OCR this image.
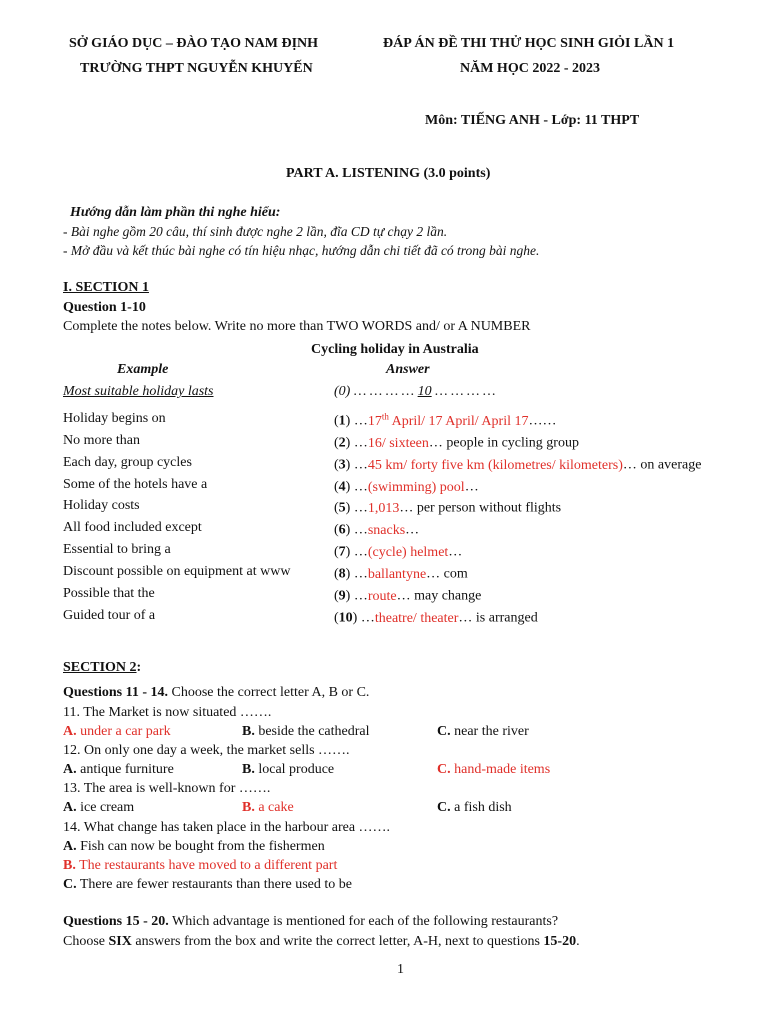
SỞ GIÁO DỤC – ĐÀO TẠO NAM ĐỊNH
TRƯỜNG THPT NGUYỄN KHUYẾN
ĐÁP ÁN ĐỀ THI THỬ HỌC SINH GIỎI LẦN 1
NĂM HỌC 2022 - 2023
Môn: TIẾNG ANH - Lớp: 11 THPT
PART A. LISTENING (3.0 points)
Hướng dẫn làm phần thi nghe hiểu:
- Bài nghe gồm 20 câu, thí sinh được nghe 2 lần, đĩa CD tự chạy 2 lần.
- Mở đầu và kết thúc bài nghe có tín hiệu nhạc, hướng dẫn chi tiết đã có trong bài nghe.
I. SECTION 1
Question 1-10
Complete the notes below. Write no more than TWO WORDS and/ or A NUMBER
Cycling holiday in Australia
Example	Answer
Most suitable holiday lasts	(0) … … … … 10 … … … …
Holiday begins on	(1) …17th April/ 17 April/ April 17……
No more than	(2) …16/ sixteen… people in cycling group
Each day, group cycles	(3) …45 km/ forty five km (kilometres/ kilometers)… on average
Some of the hotels have a	(4) …(swimming) pool…
Holiday costs	(5) …1,013… per person without flights
All food included except	(6) …snacks…
Essential to bring a	(7) …(cycle) helmet…
Discount possible on equipment at www	(8) …ballantyne… com
Possible that the	(9) …route… may change
Guided tour of a	(10) …theatre/ theater… is arranged
SECTION 2:
Questions 11 - 14. Choose the correct letter A, B or C.
11. The Market is now situated …….
A. under a car park	B. beside the cathedral	C. near the river
12. On only one day a week, the market sells …….
A. antique furniture	B. local produce	C. hand-made items
13. The area is well-known for …….
A. ice cream	B. a cake	C. a fish dish
14. What change has taken place in the harbour area …….
A. Fish can now be bought from the fishermen
B. The restaurants have moved to a different part
C. There are fewer restaurants than there used to be
Questions 15 - 20. Which advantage is mentioned for each of the following restaurants?
Choose SIX answers from the box and write the correct letter, A-H, next to questions 15-20.
1
